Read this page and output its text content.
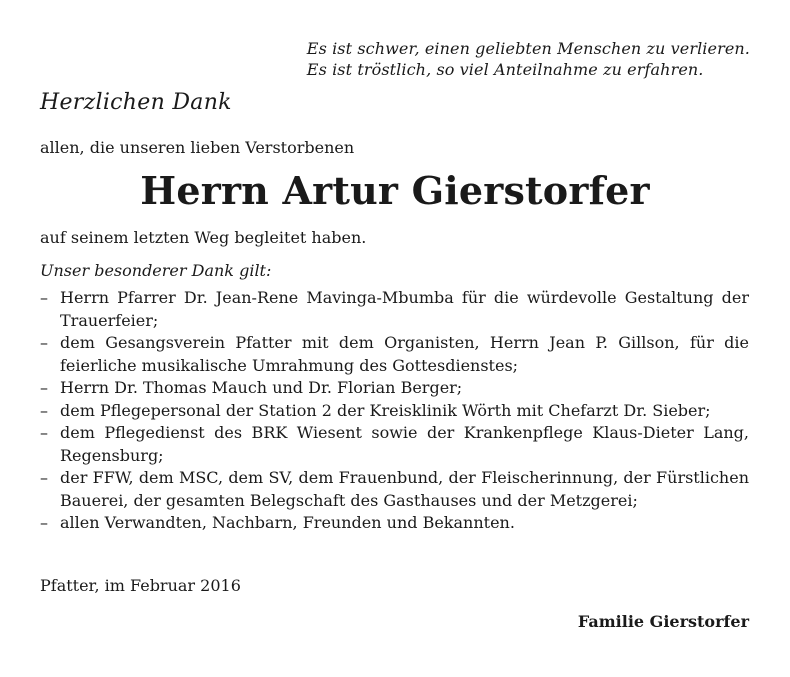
Es ist schwer, einen geliebten Menschen zu verlieren.
Es ist tröstlich, so viel Anteilnahme zu erfahren.
Herzlichen Dank
allen, die unseren lieben Verstorbenen
Herrn Artur Gierstorfer
auf seinem letzten Weg begleitet haben.
Unser besonderer Dank gilt:
– Herrn Pfarrer Dr. Jean-Rene Mavinga-Mbumba für die würdevolle Gestaltung der Trauerfeier;
– dem Gesangsverein Pfatter mit dem Organisten, Herrn Jean P. Gillson, für die feierliche musikalische Umrahmung des Gottesdienstes;
– Herrn Dr. Thomas Mauch und Dr. Florian Berger;
– dem Pflegepersonal der Station 2 der Kreisklinik Wörth mit Chefarzt Dr. Sieber;
– dem Pflegedienst des BRK Wiesent sowie der Krankenpflege Klaus-Dieter Lang, Regensburg;
– der FFW, dem MSC, dem SV, dem Frauenbund, der Fleischerinnung, der Fürstlichen Bauerei, der gesamten Belegschaft des Gasthauses und der Metzgerei;
– allen Verwandten, Nachbarn, Freunden und Bekannten.
Pfatter, im Februar 2016
Familie Gierstorfer
